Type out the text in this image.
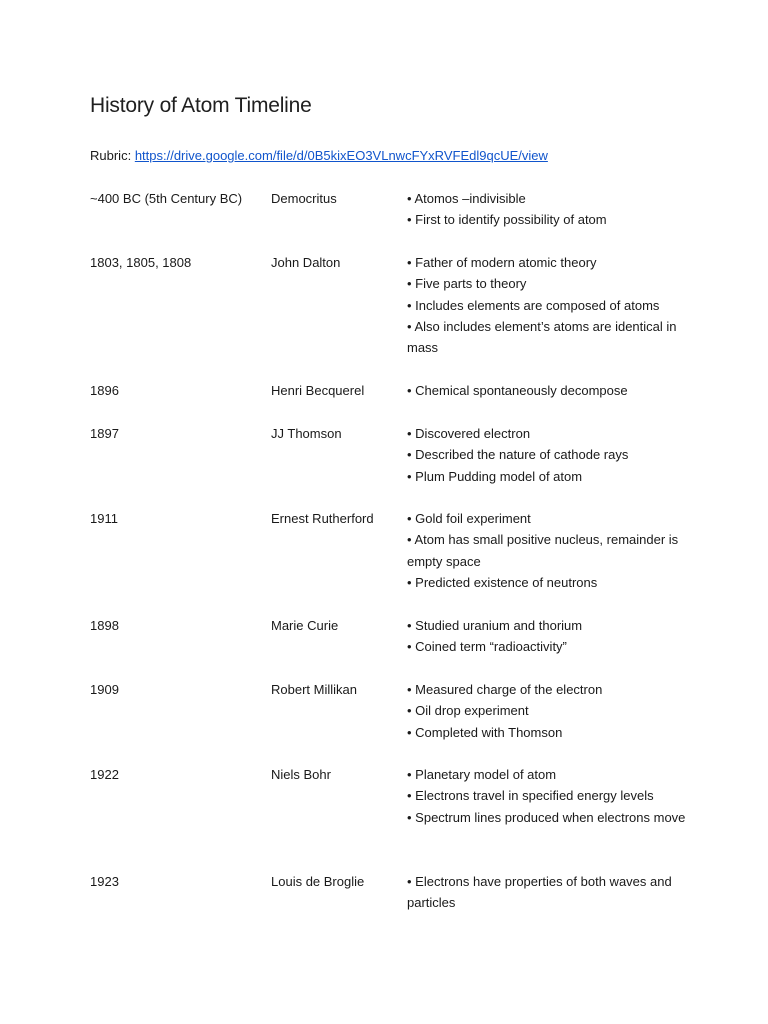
History of Atom Timeline
Rubric: https://drive.google.com/file/d/0B5kixEO3VLnwcFYxRVFEdl9qcUE/view
~400 BC (5th Century BC)	Democritus	• Atomos –indivisible
• First to identify possibility of atom
1803, 1805, 1808	John Dalton	• Father of modern atomic theory
• Five parts to theory
• Includes elements are composed of atoms
• Also includes element’s atoms are identical in mass
1896	Henri Becquerel	• Chemical spontaneously decompose
1897	JJ Thomson	• Discovered electron
• Described the nature of cathode rays
• Plum Pudding model of atom
1911	Ernest Rutherford	• Gold foil experiment
• Atom has small positive nucleus, remainder is empty space
• Predicted existence of neutrons
1898	Marie Curie	• Studied uranium and thorium
• Coined term “radioactivity”
1909	Robert Millikan	• Measured charge of the electron
• Oil drop experiment
• Completed with Thomson
1922	Niels Bohr	• Planetary model of atom
• Electrons travel in specified energy levels
• Spectrum lines produced when electrons move
1923	Louis de Broglie	• Electrons have properties of both waves and particles
